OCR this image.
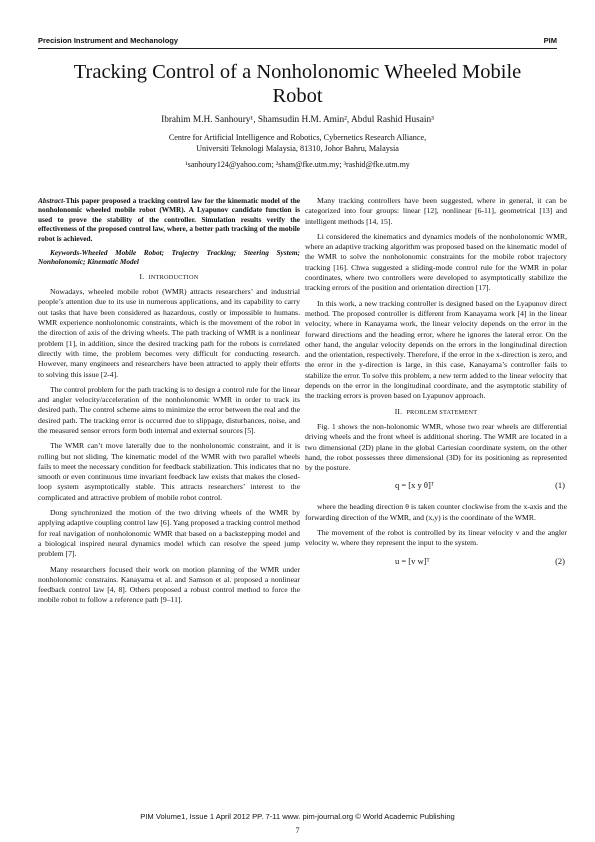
Precision Instrument and Mechanology	PIM
Tracking Control of a Nonholonomic Wheeled Mobile Robot
Ibrahim M.H. Sanhoury¹, Shamsudin H.M. Amin², Abdul Rashid Husain³
Centre for Artificial Intelligence and Robotics, Cybernetics Research Alliance,
Universiti Teknologi Malaysia, 81310, Johor Bahru, Malaysia
¹sanhoury124@yahoo.com; ²sham@fke.utm.my; ³rashid@fke.utm.my

Abstract-This paper proposed a tracking control law for the kinematic model of the nonholonomic wheeled mobile robot (WMR). A Lyapunov candidate function is used to prove the stability of the controller. Simulation results verify the effectiveness of the proposed control law, where, a better path tracking of the mobile robot is achieved.

Keywords-Wheeled Mobile Robot; Trajectry Tracking; Steering System; Nonholonomic; Kinematic Model

I. INTRODUCTION

Nowadays, wheeled mobile robot (WMR) attracts researchers’ and industrial people’s attention due to its use in numerous applications, and its capability to carry out tasks that have been considered as hazardous, costly or impossible to humans. WMR experience nonholonomic constraints, which is the movement of the robot in the direction of axis of the driving wheels. The path tracking of WMR is a nonlinear problem [1], in addition, since the desired tracking path for the robots is correlated directly with time, the problem becomes very difficult for conducting research. However, many engineers and researchers have been attracted to apply their efforts to solving this issue [2-4].

The control problem for the path tracking is to design a control rule for the linear and angler velocity/acceleration of the nonholonomic WMR in order to track its desired path. The control scheme aims to minimize the error between the real and the desired path. The tracking error is occurred due to slippage, disturbances, noise, and the measured sensor errors form both internal and external sources [5].

The WMR can’t move laterally due to the nonholonomic constraint, and it is rolling but not sliding. The kinematic model of the WMR with two parallel wheels fails to meet the necessary condition for feedback stabilization. This indicates that no smooth or even continuous time invariant feedback law exists that makes the closed-loop system asymptotically stable. This attracts researchers’ interest to the complicated and attractive problem of mobile robot control.

Dong synchronized the motion of the two driving wheels of the WMR by applying adaptive coupling control law [6]. Yang proposed a tracking control method for real navigation of nonholonomic WMR that based on a backstepping model and a biological inspired neural dynamics model which can resolve the speed jump problem [7].

Many researchers focused their work on motion planning of the WMR under nonholonomic constrains. Kanayama et al. and Samson et al. proposed a nonlinear feedback control law [4, 8]. Others proposed a robust control method to force the mobile robot to follow a reference path [9–11].

Many tracking controllers have been suggested, where in general, it can be categorized into four groups: linear [12], nonlinear [6-11], geometrical [13] and intelligent methods [14, 15].

Li considered the kinematics and dynamics models of the nonholonomic WMR, where an adaptive tracking algorithm was proposed based on the kinematic model of the WMR to solve the nonholonomic constraints for the mobile robot trajectory tracking [16]. Chwa suggested a sliding-mode control rule for the WMR in polar coordinates, where two controllers were developed to asymptotically stabilize the tracking errors of the position and orientation direction [17].

In this work, a new tracking controller is designed based on the Lyapunov direct method. The proposed controller is different from Kanayama work [4] in the linear velocity, where in Kanayama work, the linear velocity depends on the error in the forward directions and the heading error, where he ignores the lateral error. On the other hand, the angular velocity depends on the errors in the longitudinal direction and the orientation, respectively. Therefore, if the error in the x-direction is zero, and the error in the y-direction is large, in this case, Kanayama’s controller fails to stabilize the error. To solve this problem, a new term added to the linear velocity that depends on the error in the longitudinal coordinate, and the asymptotic stability of the tracking errors is proven based on Lyapunov approach.

II. PROBLEM STATEMENT

Fig. 1 shows the non-holonomic WMR, whose two rear wheels are differential driving wheels and the front wheel is additional shoring. The WMR are located in a two dimensional (2D) plane in the global Cartesian coordinate system, on the other hand, the robot possesses three dimensional (3D) for its positioning as represented by the posture.

q = [x y θ]ᵀ	(1)

where the heading direction θ is taken counter clockwise from the x-axis and the forwarding direction of the WMR, and (x,y) is the coordinate of the WMR.

The movement of the robot is controlled by its linear velocity v and the angler velocity w, where they represent the input to the system.

u = [v w]ᵀ	(2)
PIM Volume1, Issue 1 April 2012 PP. 7-11 www. pim-journal.org © World Academic Publishing
7
